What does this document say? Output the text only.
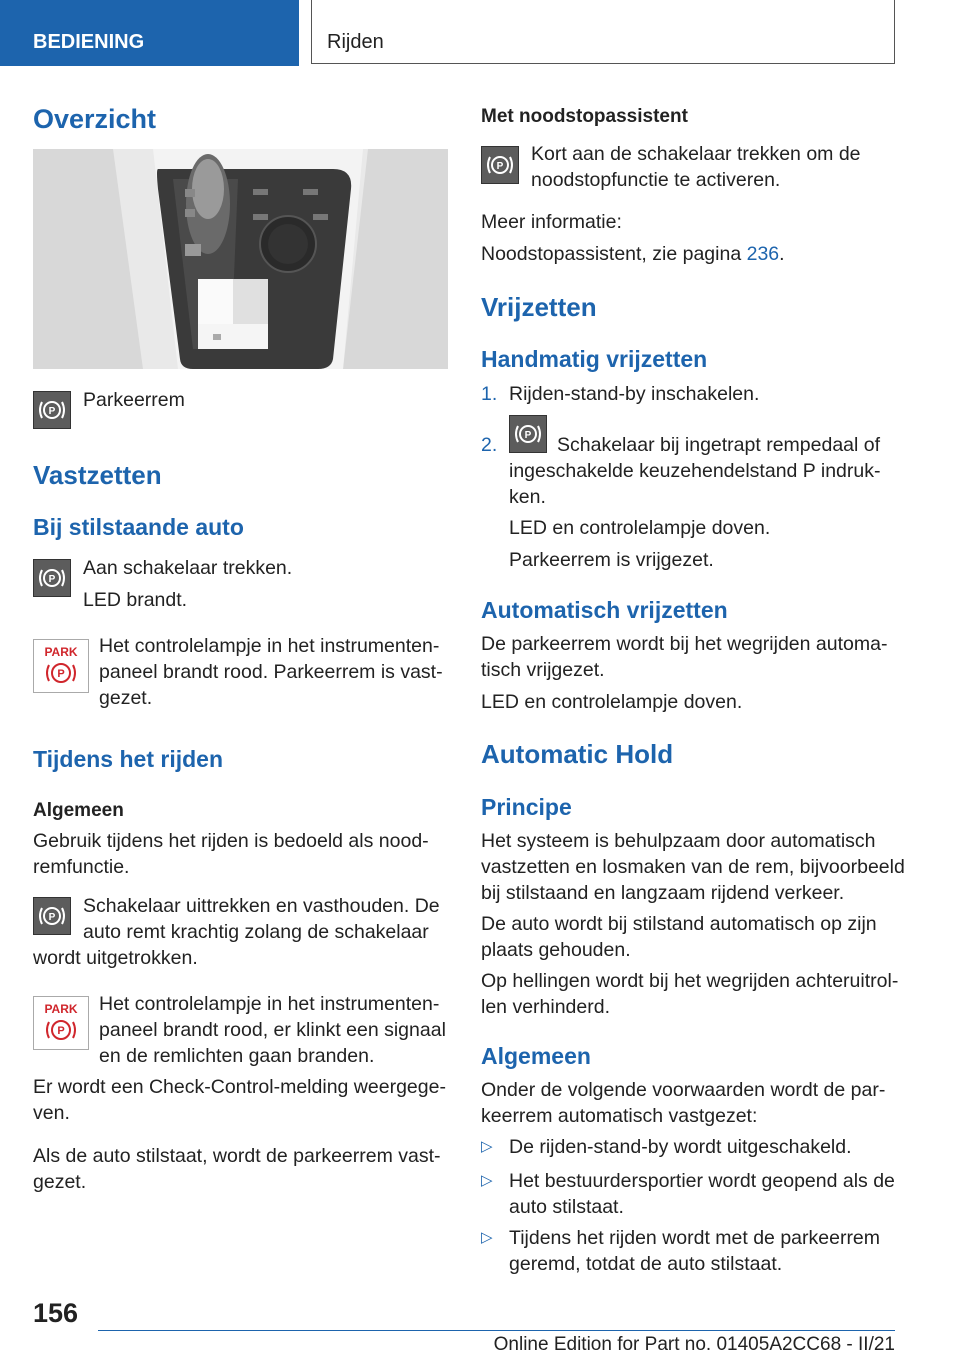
BEDIENING	Rijden
Overzicht
P
Parkeerrem
Vastzetten
Bij stilstaande auto
P
Aan schakelaar trekken.
LED brandt.
PARK
P
Het controlelampje in het instrumenten-
paneel brandt rood. Parkeerrem is vast-
gezet.
Tijdens het rijden
Algemeen
Gebruik tijdens het rijden is bedoeld als nood-
remfunctie.
P
Schakelaar uittrekken en vasthouden. De
auto remt krachtig zolang de schakelaar
wordt uitgetrokken.
PARK
P
Het controlelampje in het instrumenten-
paneel brandt rood, er klinkt een signaal
en de remlichten gaan branden.
Er wordt een Check-Control-melding weergege-
ven.
Als de auto stilstaat, wordt de parkeerrem vast-
gezet.
Met noodstopassistent
P
Kort aan de schakelaar trekken om de
noodstopfunctie te activeren.
Meer informatie:
Noodstopassistent, zie pagina 236.
Vrijzetten
Handmatig vrijzetten
1. Rijden-stand-by inschakelen.
2.	P Schakelaar bij ingetrapt rempedaal of
ingeschakelde keuzehendelstand P indruk-
ken.
LED en controlelampje doven.
Parkeerrem is vrijgezet.
Automatisch vrijzetten
De parkeerrem wordt bij het wegrijden automa-
tisch vrijgezet.
LED en controlelampje doven.
Automatic Hold
Principe
Het systeem is behulpzaam door automatisch
vastzetten en losmaken van de rem, bijvoorbeeld
bij stilstaand en langzaam rijdend verkeer.
De auto wordt bij stilstand automatisch op zijn
plaats gehouden.
Op hellingen wordt bij het wegrijden achteruitrol-
len verhinderd.
Algemeen
Onder de volgende voorwaarden wordt de par-
keerrem automatisch vastgezet:
▷ De rijden-stand-by wordt uitgeschakeld.
▷ Het bestuurdersportier wordt geopend als de
auto stilstaat.
▷ Tijdens het rijden wordt met de parkeerrem
geremd, totdat de auto stilstaat.
156
Online Edition for Part no. 01405A2CC68 - II/21
